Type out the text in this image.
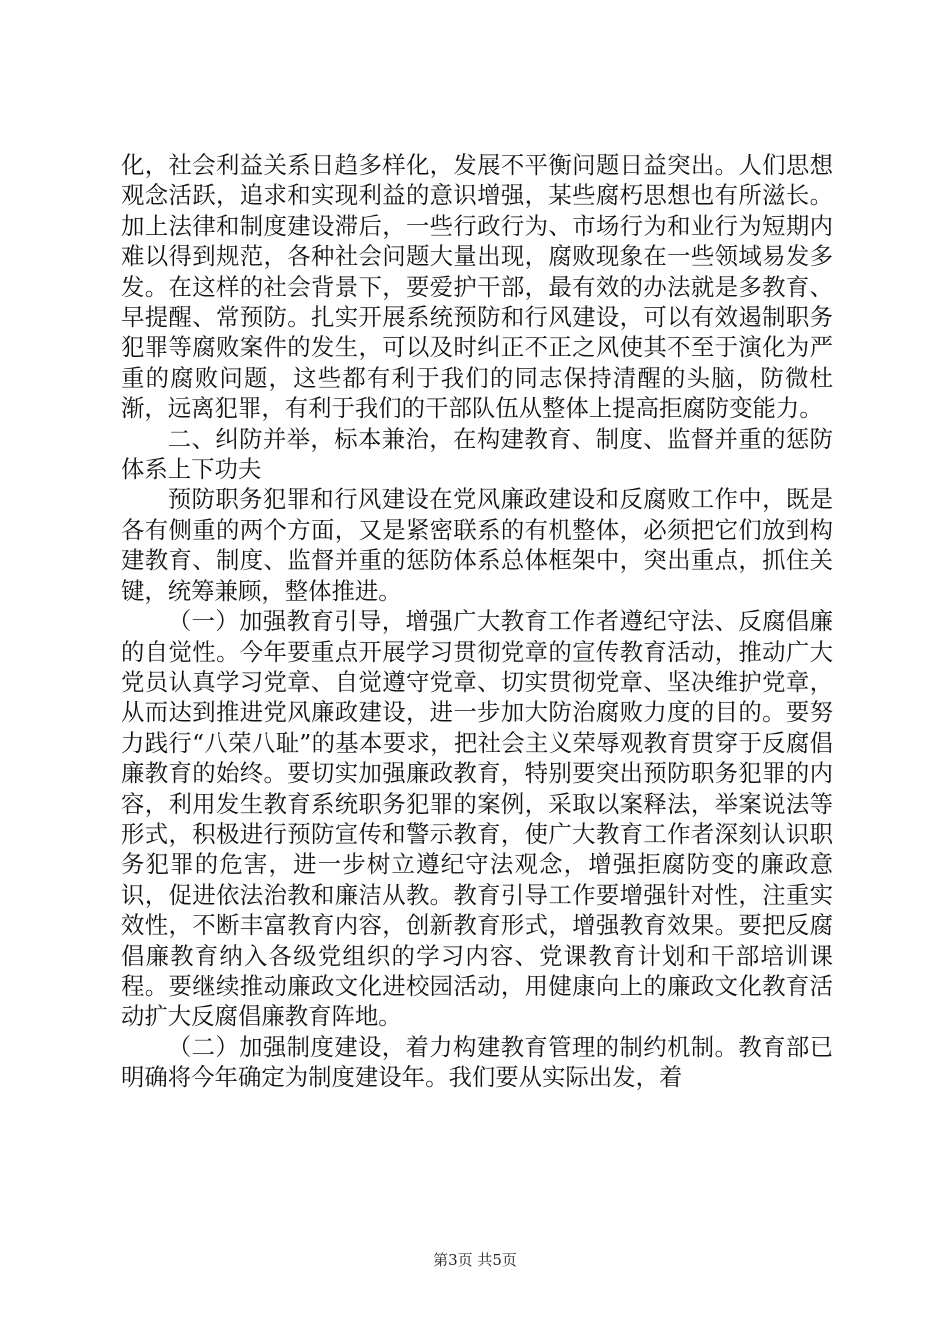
化，社会利益关系日趋多样化，发展不平衡问题日益突出。人们思想观念活跃，追求和实现利益的意识增强，某些腐朽思想也有所滋长。加上法律和制度建设滞后，一些行政行为、市场行为和业行为短期内难以得到规范，各种社会问题大量出现，腐败现象在一些领域易发多发。在这样的社会背景下，要爱护干部，最有效的办法就是多教育、早提醒、常预防。扎实开展系统预防和行风建设，可以有效遏制职务犯罪等腐败案件的发生，可以及时纠正不正之风使其不至于演化为严重的腐败问题，这些都有利于我们的同志保持清醒的头脑，防微杜渐，远离犯罪，有利于我们的干部队伍从整体上提高拒腐防变能力。

二、纠防并举，标本兼治，在构建教育、制度、监督并重的惩防体系上下功夫

预防职务犯罪和行风建设在党风廉政建设和反腐败工作中，既是各有侧重的两个方面，又是紧密联系的有机整体，必须把它们放到构建教育、制度、监督并重的惩防体系总体框架中，突出重点，抓住关键，统筹兼顾，整体推进。

（一）加强教育引导，增强广大教育工作者遵纪守法、反腐倡廉的自觉性。今年要重点开展学习贯彻党章的宣传教育活动，推动广大党员认真学习党章、自觉遵守党章、切实贯彻党章、坚决维护党章，从而达到推进党风廉政建设，进一步加大防治腐败力度的目的。要努力践行“八荣八耻”的基本要求，把社会主义荣辱观教育贯穿于反腐倡廉教育的始终。要切实加强廉政教育，特别要突出预防职务犯罪的内容，利用发生教育系统职务犯罪的案例，采取以案释法，举案说法等形式，积极进行预防宣传和警示教育，使广大教育工作者深刻认识职务犯罪的危害，进一步树立遵纪守法观念，增强拒腐防变的廉政意识，促进依法治教和廉洁从教。教育引导工作要增强针对性，注重实效性，不断丰富教育内容，创新教育形式，增强教育效果。要把反腐倡廉教育纳入各级党组织的学习内容、党课教育计划和干部培训课程。要继续推动廉政文化进校园活动，用健康向上的廉政文化教育活动扩大反腐倡廉教育阵地。

（二）加强制度建设，着力构建教育管理的制约机制。教育部已明确将今年确定为制度建设年。我们要从实际出发，着

第3页 共5页
